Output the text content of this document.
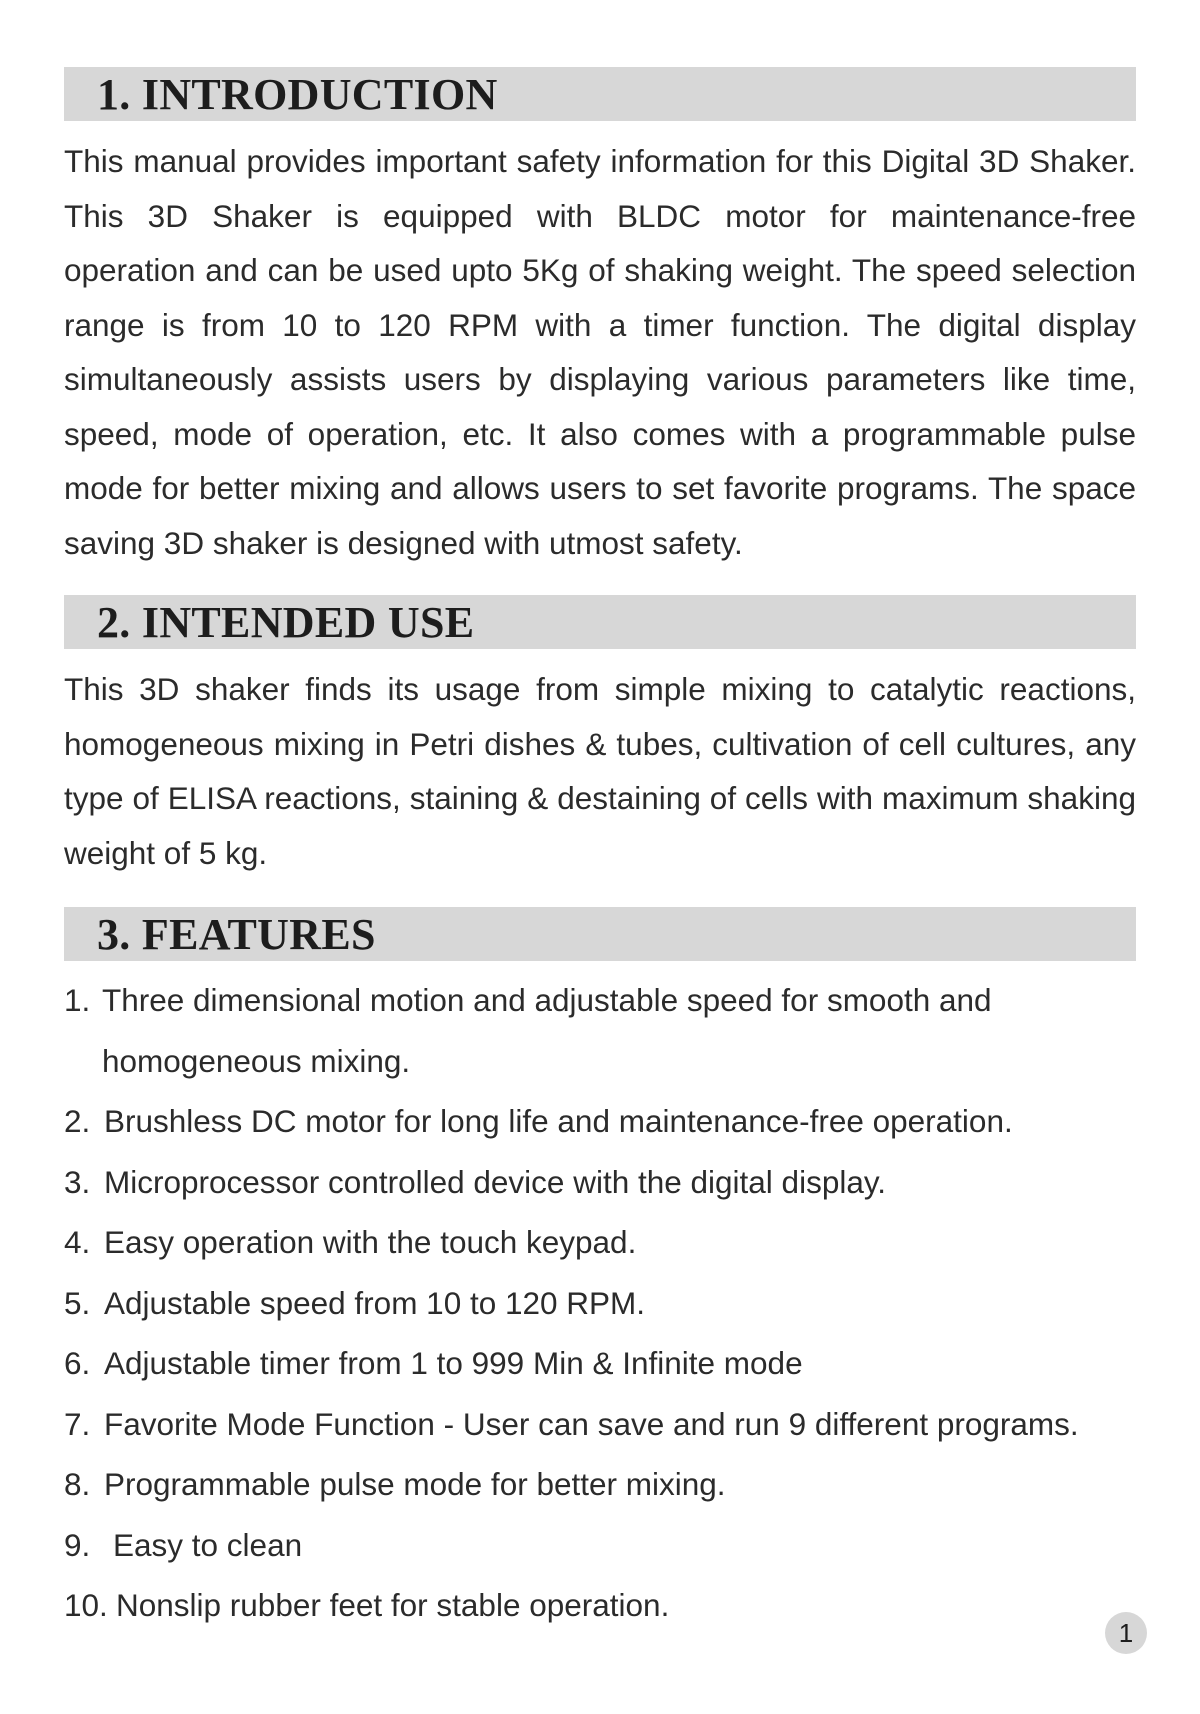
1. INTRODUCTION

This manual provides important safety information for this Digital 3D Shaker. This 3D Shaker is equipped with BLDC motor for maintenance-free operation and can be used upto 5Kg of shaking weight. The speed selection range is from 10 to 120 RPM with a timer function. The digital display simultaneously assists users by displaying various parameters like time, speed, mode of operation, etc. It also comes with a programmable pulse mode for better mixing and allows users to set favorite programs. The space saving 3D shaker is designed with utmost safety.

2. INTENDED USE

This 3D shaker finds its usage from simple mixing to catalytic reactions, homogeneous mixing in Petri dishes & tubes, cultivation of cell cultures, any type of ELISA reactions, staining & destaining of cells with maximum shaking weight of 5 kg.

3. FEATURES
1. Three dimensional motion and adjustable speed for smooth and homogeneous mixing.
2. Brushless DC motor for long life and maintenance-free operation.
3. Microprocessor controlled device with the digital display.
4. Easy operation with the touch keypad.
5. Adjustable speed from 10 to 120 RPM.
6. Adjustable timer from 1 to 999 Min & Infinite mode
7. Favorite Mode Function - User can save and run 9 different programs.
8. Programmable pulse mode for better mixing.
9. Easy to clean
10. Nonslip rubber feet for stable operation.
1
